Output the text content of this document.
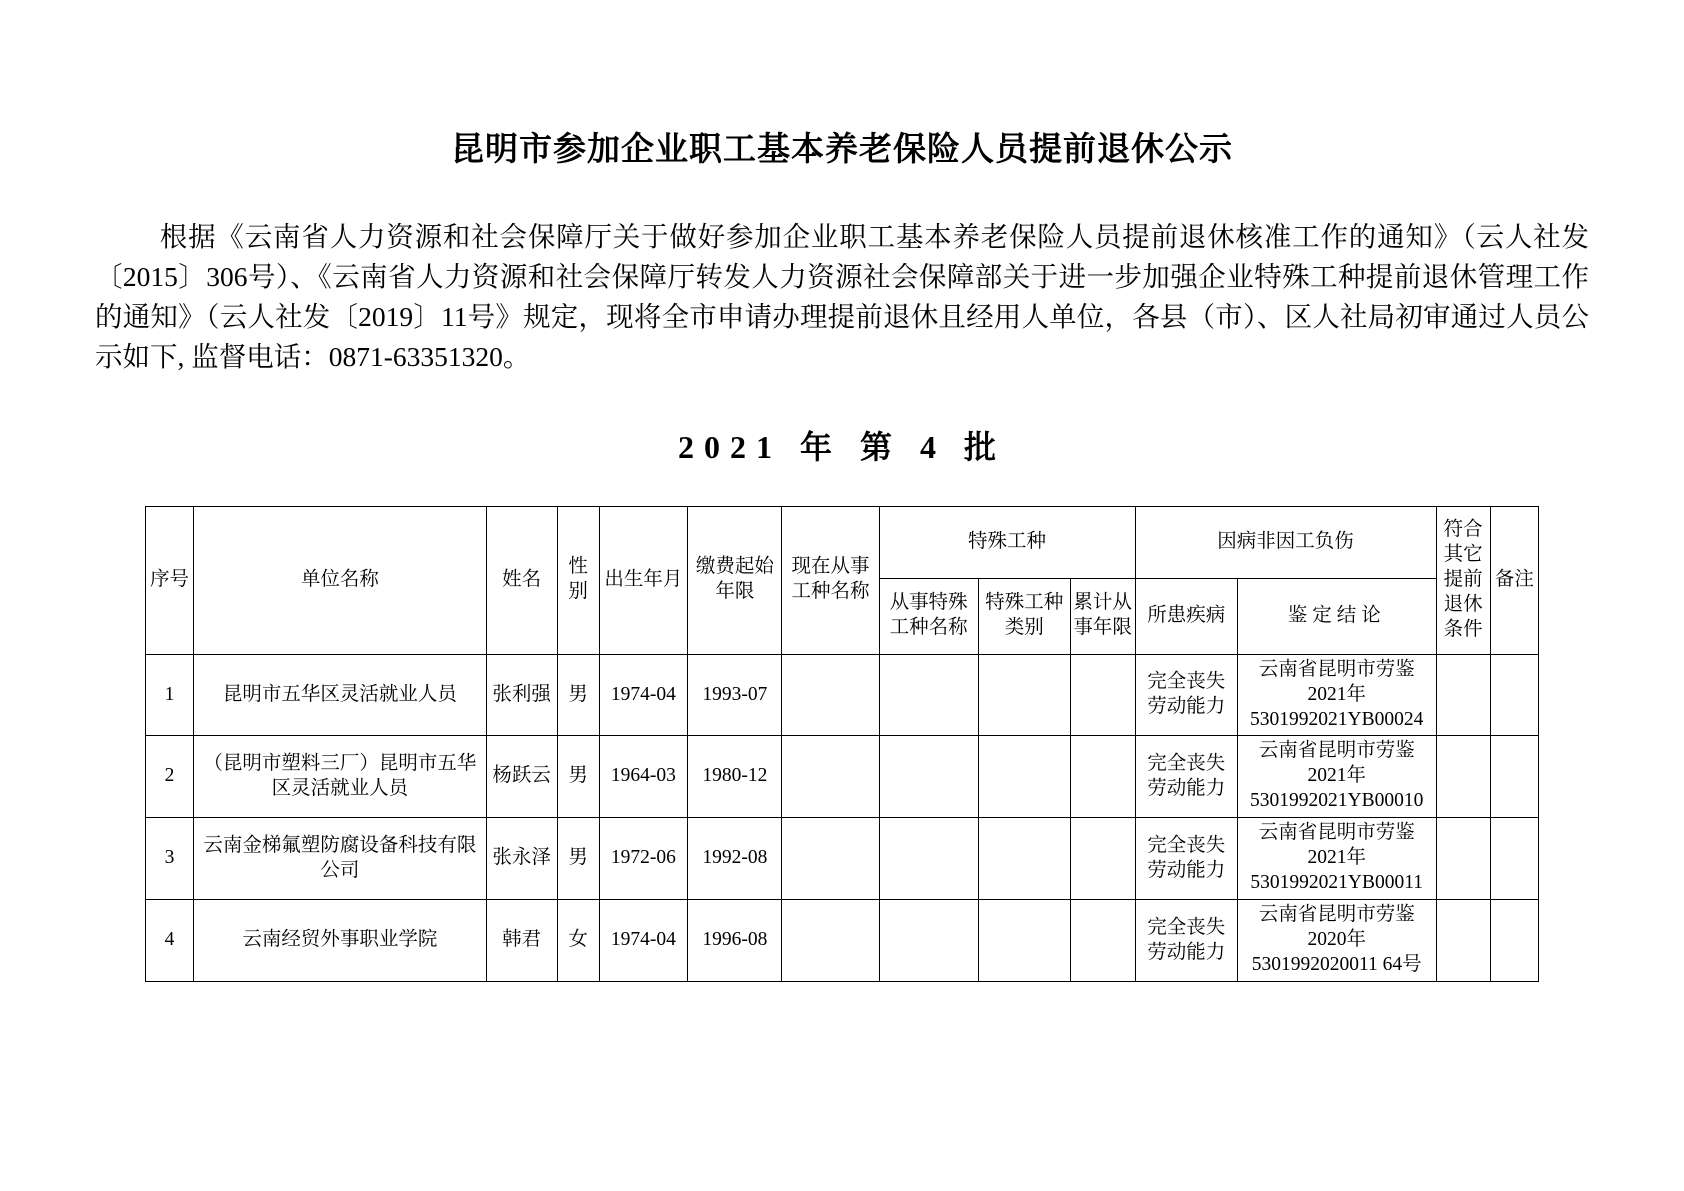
昆明市参加企业职工基本养老保险人员提前退休公示

根据《云南省人力资源和社会保障厅关于做好参加企业职工基本养老保险人员提前退休核准工作的通知》（云人社发〔2015〕306号）、《云南省人力资源和社会保障厅转发人力资源社会保障部关于进一步加强企业特殊工种提前退休管理工作的通知》（云人社发〔2019〕11号》规定，现将全市申请办理提前退休且经用人单位，各县（市）、区人社局初审通过人员公示如下, 监督电话：0871-63351320。

2021 年 第 4 批
序号	单位名称	姓名	性别	出生年月	缴费起始年限	现在从事工种名称	特殊工种			因病非因工负伤		符合其它提前退休条件	备注
							从事特殊工种名称	特殊工种类别	累计从事年限	所患疾病	鉴定结论		
1	昆明市五华区灵活就业人员	张利强	男	1974-04	1993-07					完全丧失劳动能力	云南省昆明市劳鉴
2021年
5301992021YB00024		

2	（昆明市塑料三厂）昆明市五华区灵活就业人员	杨跃云	男	1964-03	1980-12					完全丧失劳动能力	云南省昆明市劳鉴
2021年
5301992021YB00010		

3	云南金梯氟塑防腐设备科技有限公司	张永泽	男	1972-06	1992-08					完全丧失劳动能力	云南省昆明市劳鉴
2021年
5301992021YB00011		

4	云南经贸外事职业学院	韩君	女	1974-04	1996-08					完全丧失劳动能力	云南省昆明市劳鉴
2020年
5301992020011 64号		
